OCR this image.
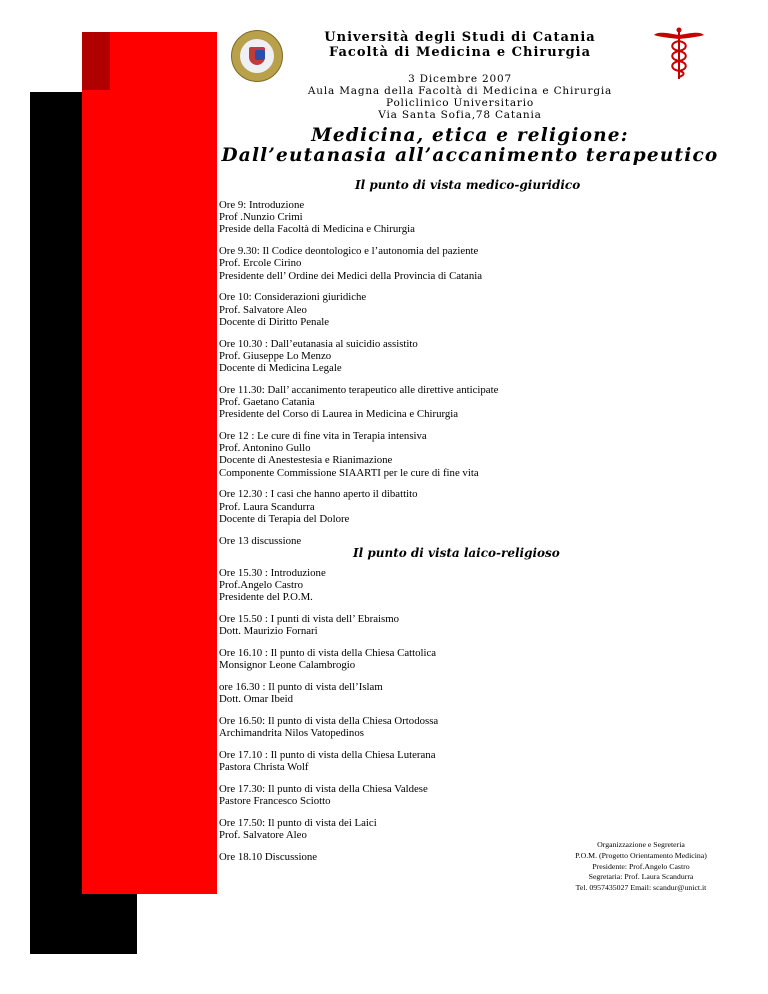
Università degli Studi di Catania
Facoltà di Medicina e Chirurgia
3 Dicembre 2007
Aula Magna della Facoltà di Medicina e Chirurgia
Policlinico Universitario
Via Santa Sofia,78 Catania
Medicina, etica e religione:
Dall’eutanasia all’accanimento terapeutico
Il punto di vista medico-giuridico
Ore 9: Introduzione
Prof .Nunzio Crimi
Preside della Facoltà di Medicina e Chirurgia
Ore 9.30: Il Codice deontologico e l’autonomia del paziente
Prof. Ercole Cirino
Presidente dell’ Ordine dei Medici della Provincia di Catania
Ore 10: Considerazioni giuridiche
Prof. Salvatore Aleo
Docente di Diritto Penale
Ore 10.30 : Dall’eutanasia al suicidio assistito
Prof. Giuseppe Lo Menzo
Docente di Medicina Legale
Ore 11.30: Dall’ accanimento terapeutico alle direttive anticipate
Prof. Gaetano Catania
Presidente del Corso di Laurea in Medicina e Chirurgia
Ore 12 : Le cure di fine vita in Terapia intensiva
Prof. Antonino Gullo
Docente di Anestestesia e Rianimazione
Componente Commissione SIAARTI per le cure di fine vita
Ore 12.30 : I casi che hanno aperto il dibattito
Prof. Laura Scandurra
Docente di Terapia del Dolore
Ore 13 discussione
Il punto di vista laico-religioso
Ore 15.30 : Introduzione
Prof.Angelo Castro
Presidente del P.O.M.
Ore 15.50 : I punti di vista dell’ Ebraismo
Dott. Maurizio Fornari
Ore 16.10 : Il punto di vista della Chiesa Cattolica
Monsignor Leone Calambrogio
ore 16.30 : Il punto di vista dell’Islam
Dott. Omar Ibeid
Ore 16.50: Il punto di vista della Chiesa Ortodossa
Archimandrita Nilos Vatopedinos
Ore 17.10 : Il punto di vista della Chiesa Luterana
Pastora Christa Wolf
Ore 17.30: Il punto di vista della Chiesa Valdese
Pastore Francesco Sciotto
Ore 17.50: Il punto di vista dei Laici
Prof. Salvatore Aleo
Ore 18.10 Discussione
Organizzazione e Segreteria
P.O.M. (Progetto Orientamento Medicina)
Presidente: Prof.Angelo Castro
Segretaria: Prof. Laura Scandurra
Tel. 0957435027 Email: scandur@unict.it
